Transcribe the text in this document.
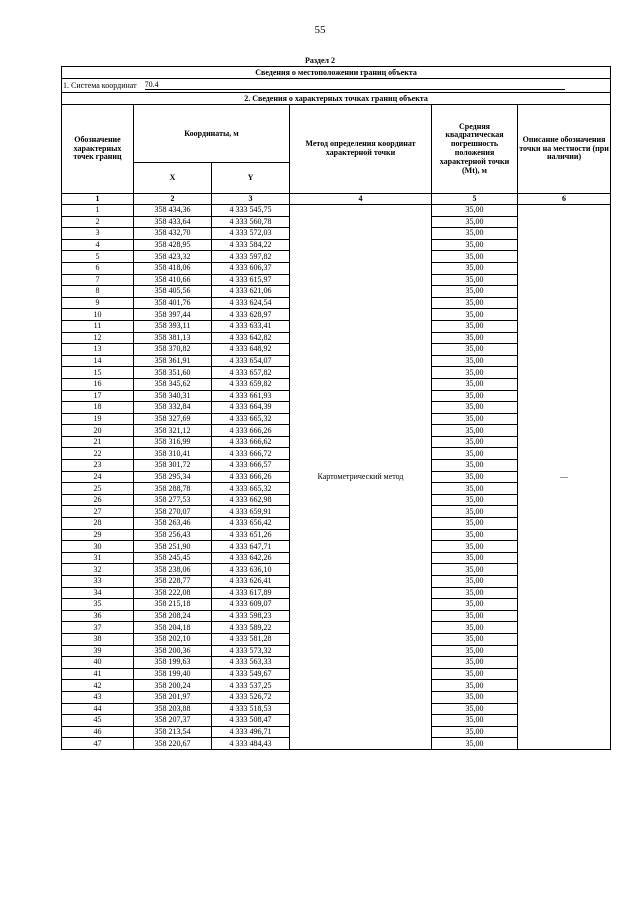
55
Раздел 2
Сведения о местоположении границ объекта					
1. Система координат 70.4					
2. Сведения о характерных точках границ объекта					
Обозначение характерных точек границ	Координаты, м		Метод определения координат характерной точки	Средняя квадратическая погрешность положения характерной точки (Mt), м	Описание обозначения точки на местности (при наличии)
	X	Y			
1	2	3	4	5	6
1	358 434,36	4 333 545,75	Картометрический метод	35,00	—
2	358 433,64	4 333 560,78		35,00	
3	358 432,70	4 333 572,03		35,00	
4	358 428,95	4 333 584,22		35,00	
5	358 423,32	4 333 597,82		35,00	
6	358 418,06	4 333 606,37		35,00	
7	358 410,66	4 333 615,97		35,00	
8	358 405,56	4 333 621,06		35,00	
9	358 401,76	4 333 624,54		35,00	
10	358 397,44	4 333 628,97		35,00	
11	358 393,11	4 333 633,41		35,00	
12	358 381,13	4 333 642,82		35,00	
13	358 370,82	4 333 648,92		35,00	
14	358 361,91	4 333 654,07		35,00	
15	358 351,60	4 333 657,82		35,00	
16	358 345,62	4 333 659,82		35,00	
17	358 340,31	4 333 661,93		35,00	
18	358 332,84	4 333 664,39		35,00	
19	358 327,69	4 333 665,32		35,00	
20	358 321,12	4 333 666,26		35,00	
21	358 316,99	4 333 666,62		35,00	
22	358 310,41	4 333 666,72		35,00	
23	358 301,72	4 333 666,57		35,00	
24	358 295,34	4 333 666,26		35,00	
25	358 288,78	4 333 665,32		35,00	
26	358 277,53	4 333 662,98		35,00	
27	358 270,07	4 333 659,91		35,00	
28	358 263,46	4 333 656,42		35,00	
29	358 256,43	4 333 651,26		35,00	
30	358 251,90	4 333 647,71		35,00	
31	358 245,45	4 333 642,26		35,00	
32	358 238,06	4 333 636,10		35,00	
33	358 228,77	4 333 626,41		35,00	
34	358 222,08	4 333 617,89		35,00	
35	358 215,18	4 333 609,07		35,00	
36	358 208,24	4 333 598,23		35,00	
37	358 204,18	4 333 589,22		35,00	
38	358 202,10	4 333 581,28		35,00	
39	358 200,36	4 333 573,32		35,00	
40	358 199,63	4 333 563,33		35,00	
41	358 199,40	4 333 549,67		35,00	
42	358 200,24	4 333 537,25		35,00	
43	358 201,97	4 333 526,72		35,00	
44	358 203,88	4 333 518,53		35,00	
45	358 207,37	4 333 508,47		35,00	
46	358 213,54	4 333 496,71		35,00	
47	358 220,67	4 333 484,43		35,00	
